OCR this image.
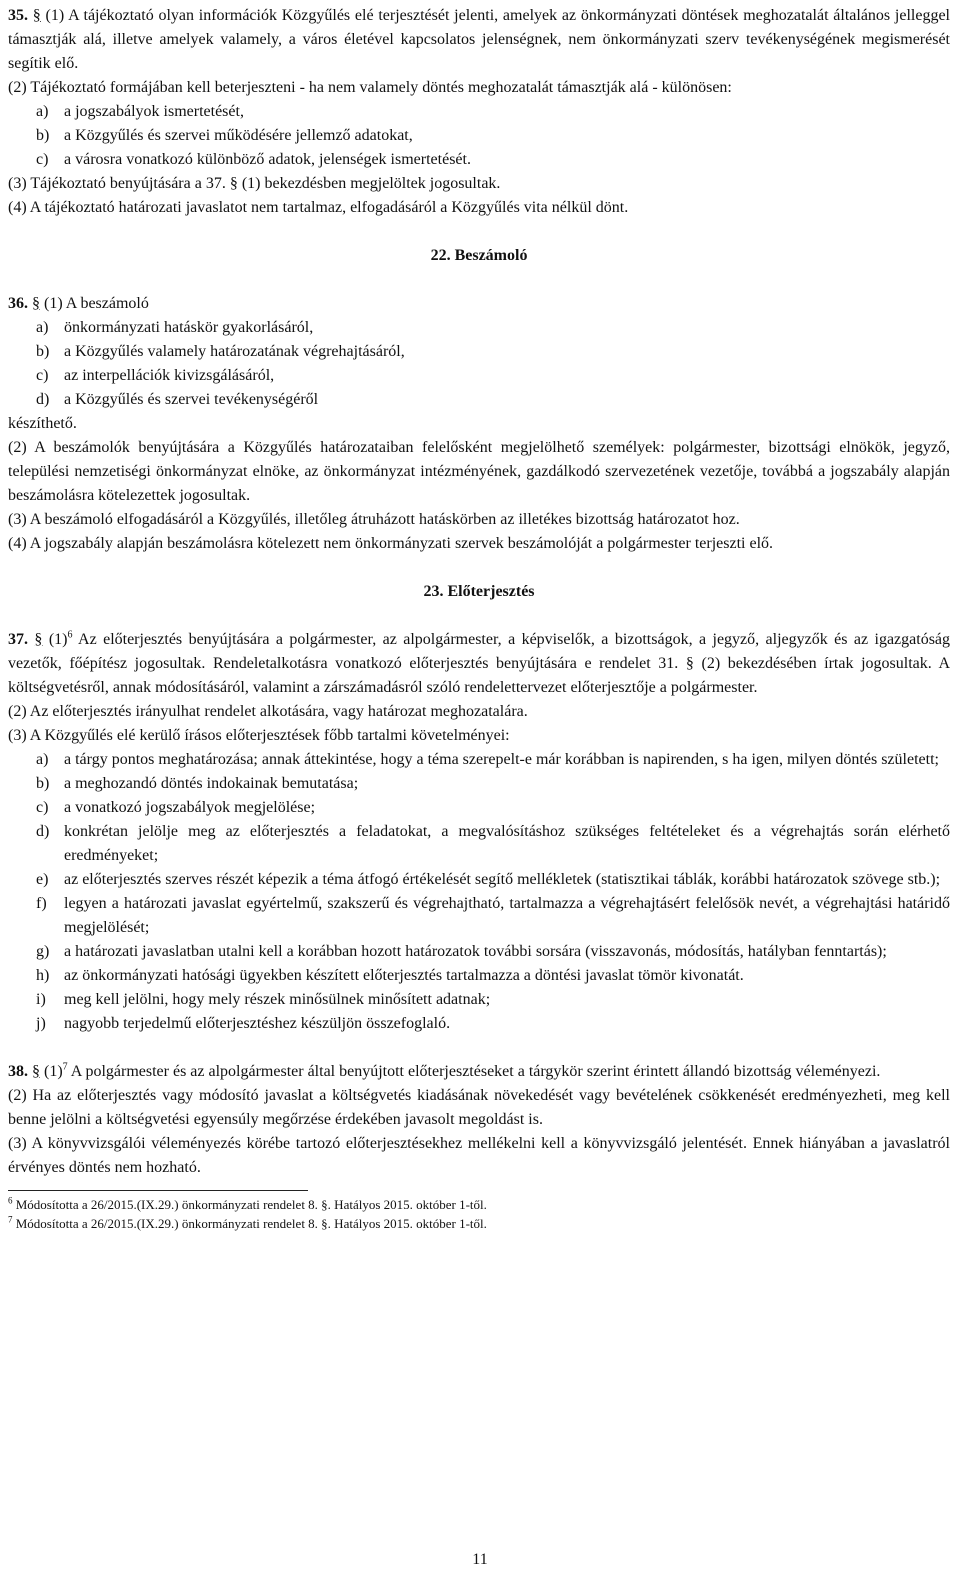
35. § (1) A tájékoztató olyan információk Közgyűlés elé terjesztését jelenti, amelyek az önkormányzati döntések meghozatalát általános jelleggel támasztják alá, illetve amelyek valamely, a város életével kapcsolatos jelenségnek, nem önkormányzati szerv tevékenységének megismerését segítik elő.

(2) Tájékoztató formájában kell beterjeszteni - ha nem valamely döntés meghozatalát támasztják alá - különösen:

a) a jogszabályok ismertetését,
b) a Közgyűlés és szervei működésére jellemző adatokat,
c) a városra vonatkozó különböző adatok, jelenségek ismertetését.

(3) Tájékoztató benyújtására a 37. § (1) bekezdésben megjelöltek jogosultak.

(4) A tájékoztató határozati javaslatot nem tartalmaz, elfogadásáról a Közgyűlés vita nélkül dönt.

22. Beszámoló

36. § (1) A beszámoló

a) önkormányzati hatáskör gyakorlásáról,
b) a Közgyűlés valamely határozatának végrehajtásáról,
c) az interpellációk kivizsgálásáról,
d) a Közgyűlés és szervei tevékenységéről

készíthető.

(2) A beszámolók benyújtására a Közgyűlés határozataiban felelősként megjelölhető személyek: polgármester, bizottsági elnökök, jegyző, települési nemzetiségi önkormányzat elnöke, az önkormányzat intézményének, gazdálkodó szervezetének vezetője, továbbá a jogszabály alapján beszámolásra kötelezettek jogosultak.

(3) A beszámoló elfogadásáról a Közgyűlés, illetőleg átruházott hatáskörben az illetékes bizottság határozatot hoz.

(4) A jogszabály alapján beszámolásra kötelezett nem önkormányzati szervek beszámolóját a polgármester terjeszti elő.

23. Előterjesztés

37. § $(1)^6$ Az előterjesztés benyújtására a polgármester, az alpolgármester, a képviselők, a bizottságok, a jegyző, aljegyzők és az igazgatóság vezetők, főépítész jogosultak. Rendeletalkotásra vonatkozó előterjesztés benyújtására e rendelet 31. § (2) bekezdésében írtak jogosultak. A költségvetésről, annak módosításáról, valamint a zárszámadásról szóló rendelettervezet előterjesztője a polgármester.

(2) Az előterjesztés irányulhat rendelet alkotására, vagy határozat meghozatalára.

(3) A Közgyűlés elé kerülő írásos előterjesztések főbb tartalmi követelményei:

a) a tárgy pontos meghatározása; annak áttekintése, hogy a téma szerepelt-e már korábban is napirenden, s ha igen, milyen döntés született;
b) a meghozandó döntés indokainak bemutatása;
c) a vonatkozó jogszabályok megjelölése;
d) konkrétan jelölje meg az előterjesztés a feladatokat, a megvalósításhoz szükséges feltételeket és a végrehajtás során elérhető eredményeket;
e) az előterjesztés szerves részét képezik a téma átfogó értékelését segítő mellékletek (statisztikai táblák, korábbi határozatok szövege stb.);
f)	legyen a határozati javaslat egyértelmű, szakszerű és végrehajtható, tartalmazza a végrehajtásért felelősök nevét, a végrehajtási határidő megjelölését;
g) a határozati javaslatban utalni kell a korábban hozott határozatok további sorsára (visszavonás, módosítás, hatályban fenntartás);
h) az önkormányzati hatósági ügyekben készített előterjesztés tartalmazza a döntési javaslat tömör kivonatát.
i)	meg kell jelölni, hogy mely részek minősülnek minősített adatnak;
j)	nagyobb terjedelmű előterjesztéshez készüljön összefoglaló.

38. § $(1)^7$ A polgármester és az alpolgármester által benyújtott előterjesztéseket a tárgykör szerint érintett állandó bizottság véleményezi.

(2) Ha az előterjesztés vagy módosító javaslat a költségvetés kiadásának növekedését vagy bevételének csökkenését eredményezheti, meg kell benne jelölni a költségvetési egyensúly megőrzése érdekében javasolt megoldást is.

(3) A könyvvizsgálói véleményezés körébe tartozó előterjesztésekhez mellékelni kell a könyvvizsgáló jelentését. Ennek hiányában a javaslatról érvényes döntés nem hozható.

$^6$ Módosította a 26/2015.(IX.29.) önkormányzati rendelet 8. §. Hatályos 2015. október 1-től.

$^7$ Módosította a 26/2015.(IX.29.) önkormányzati rendelet 8. §. Hatályos 2015. október 1-től.

11
